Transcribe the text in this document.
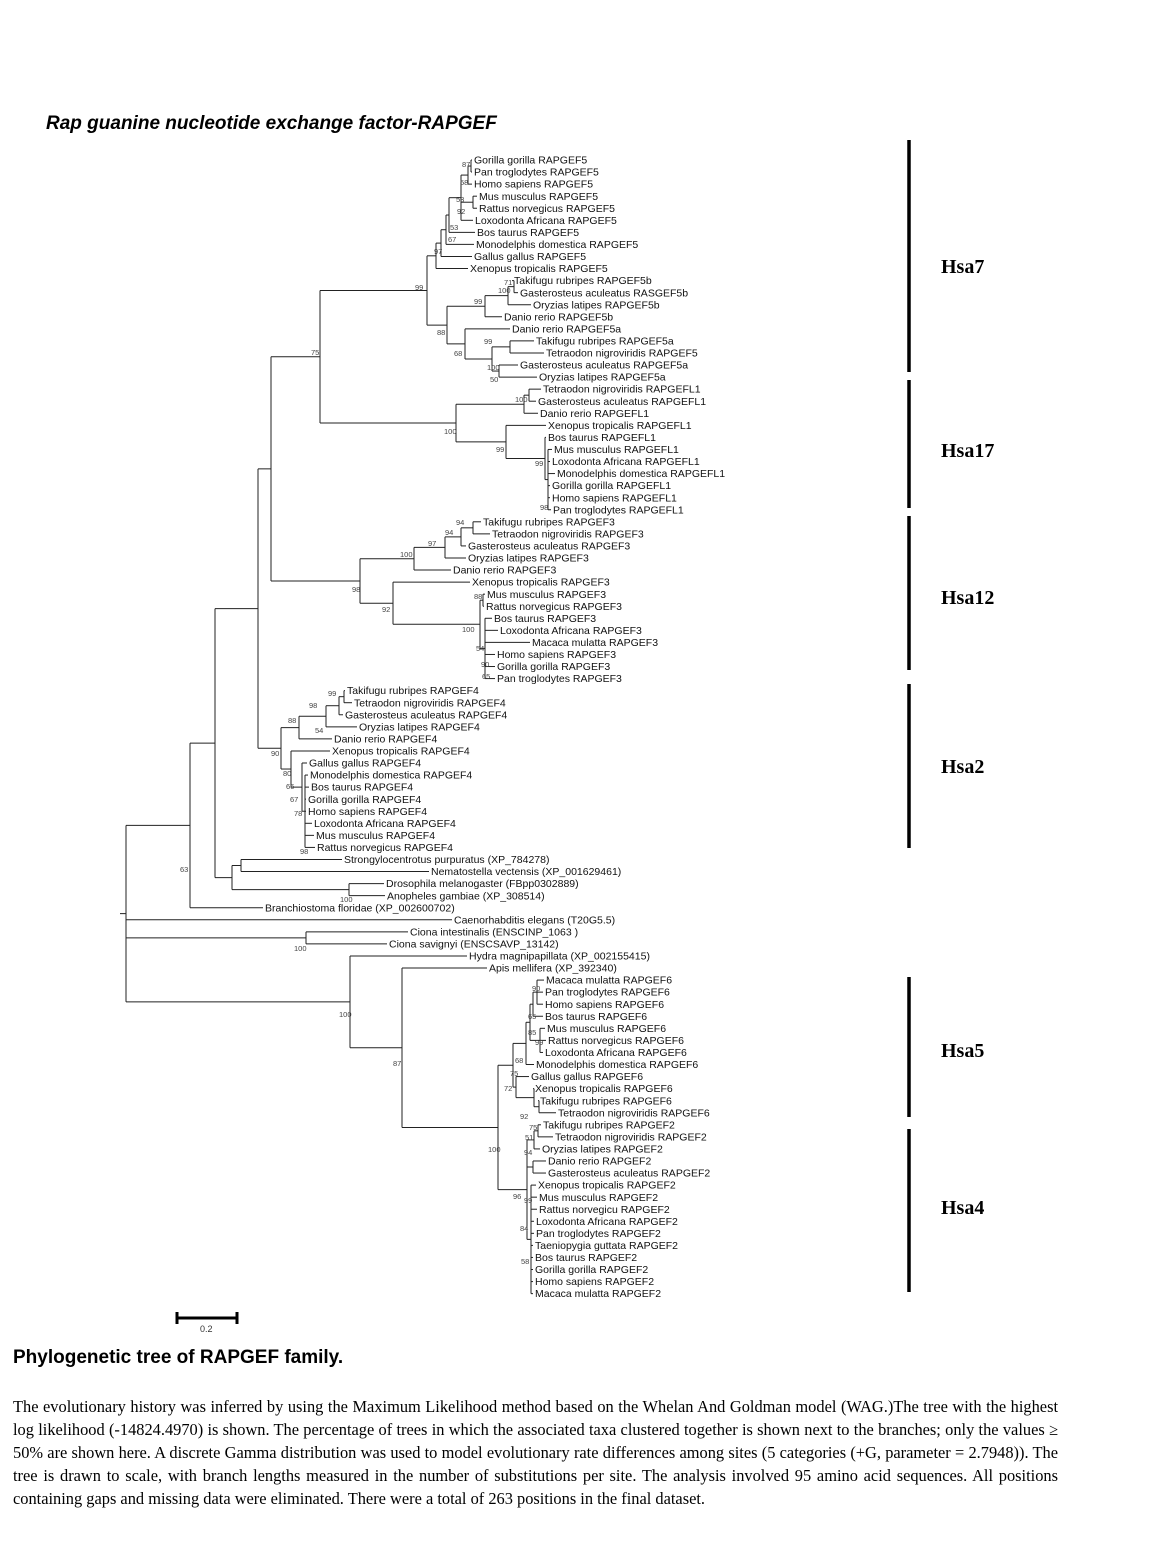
Rap guanine nucleotide exchange factor-RAPGEF
Gorilla gorilla RAPGEF5
Pan troglodytes RAPGEF5
Homo sapiens RAPGEF5
Mus musculus RAPGEF5
Rattus norvegicus RAPGEF5
Loxodonta Africana RAPGEF5
Bos taurus RAPGEF5
Monodelphis domestica RAPGEF5
Gallus gallus RAPGEF5
Xenopus tropicalis RAPGEF5
Takifugu rubripes RAPGEF5b
Gasterosteus aculeatus RASGEF5b
Oryzias latipes RAPGEF5b
Danio rerio RAPGEF5b
Danio rerio RAPGEF5a
Takifugu rubripes RAPGEF5a
Tetraodon nigroviridis RAPGEF5
Gasterosteus aculeatus RAPGEF5a
Oryzias latipes RAPGEF5a
Tetraodon nigroviridis RAPGEFL1
Gasterosteus aculeatus RAPGEFL1
Danio rerio RAPGEFL1
Xenopus tropicalis RAPGEFL1
Bos taurus RAPGEFL1
Mus musculus RAPGEFL1
Loxodonta Africana RAPGEFL1
Monodelphis domestica RAPGEFL1
Gorilla gorilla RAPGEFL1
Homo sapiens RAPGEFL1
Pan troglodytes RAPGEFL1
Takifugu rubripes RAPGEF3
Tetraodon nigroviridis RAPGEF3
Gasterosteus aculeatus RAPGEF3
Oryzias latipes RAPGEF3
Danio rerio RAPGEF3
Xenopus tropicalis RAPGEF3
Mus musculus RAPGEF3
Rattus norvegicus RAPGEF3
Bos taurus RAPGEF3
Loxodonta Africana RAPGEF3
Macaca mulatta RAPGEF3
Homo sapiens RAPGEF3
Gorilla gorilla RAPGEF3
Pan troglodytes RAPGEF3
Takifugu rubripes RAPGEF4
Tetraodon nigroviridis RAPGEF4
Gasterosteus aculeatus RAPGEF4
Oryzias latipes RAPGEF4
Danio rerio RAPGEF4
Xenopus tropicalis RAPGEF4
Gallus gallus RAPGEF4
Monodelphis domestica RAPGEF4
Bos taurus RAPGEF4
Gorilla gorilla RAPGEF4
Homo sapiens RAPGEF4
Loxodonta Africana RAPGEF4
Mus musculus RAPGEF4
Rattus norvegicus RAPGEF4
Strongylocentrotus purpuratus (XP_784278)
Nematostella vectensis (XP_001629461)
Drosophila melanogaster (FBpp0302889)
Anopheles gambiae (XP_308514)
Branchiostoma floridae (XP_002600702)
Caenorhabditis elegans (T20G5.5)
Ciona intestinalis (ENSCINP_1063 )
Ciona savignyi (ENSCSAVP_13142)
Hydra magnipapillata (XP_002155415)
Apis mellifera (XP_392340)
Macaca mulatta RAPGEF6
Pan troglodytes RAPGEF6
Homo sapiens RAPGEF6
Bos taurus RAPGEF6
Mus musculus RAPGEF6
Rattus norvegicus RAPGEF6
Loxodonta Africana RAPGEF6
Monodelphis domestica RAPGEF6
Gallus gallus RAPGEF6
Xenopus tropicalis RAPGEF6
Takifugu rubripes RAPGEF6
Tetraodon nigroviridis RAPGEF6
Takifugu rubripes RAPGEF2
Tetraodon nigroviridis RAPGEF2
Oryzias latipes RAPGEF2
Danio rerio RAPGEF2
Gasterosteus aculeatus RAPGEF2
Xenopus tropicalis RAPGEF2
Mus musculus RAPGEF2
Rattus norvegicu RAPGEF2
Loxodonta Africana RAPGEF2
Pan troglodytes RAPGEF2
Taeniopygia guttata RAPGEF2
Bos taurus RAPGEF2
Gorilla gorilla RAPGEF2
Homo sapiens RAPGEF2
Macaca mulatta RAPGEF2
87
58
53
92
53
67
97
99
71
100
99
88
99
68
100
50
75
100
100
99
99
98
94
94
97
100
98
88
92
100
54
90
65
99
98
88
54
90
80
66
67
78
98
63
100
100
100
87
90
65
85
99
68
75
72
92
75
51
94
100
96 99
84
58
Hsa7
Hsa17
Hsa12
Hsa2
Hsa5
Hsa4
0.2
Phylogenetic tree of RAPGEF family.

The evolutionary history was inferred by using the Maximum Likelihood method based on the Whelan And Goldman model (WAG.)The tree with the highest log likelihood (-14824.4970) is shown. The percentage of trees in which the associated taxa clustered together is shown next to the branches; only the values ≥ 50% are shown here. A discrete Gamma distribution was used to model evolutionary rate differences among sites (5 categories (+G, parameter = 2.7948)). The tree is drawn to scale, with branch lengths measured in the number of substitutions per site. The analysis involved 95 amino acid sequences. All positions containing gaps and missing data were eliminated. There were a total of 263 positions in the final dataset.
